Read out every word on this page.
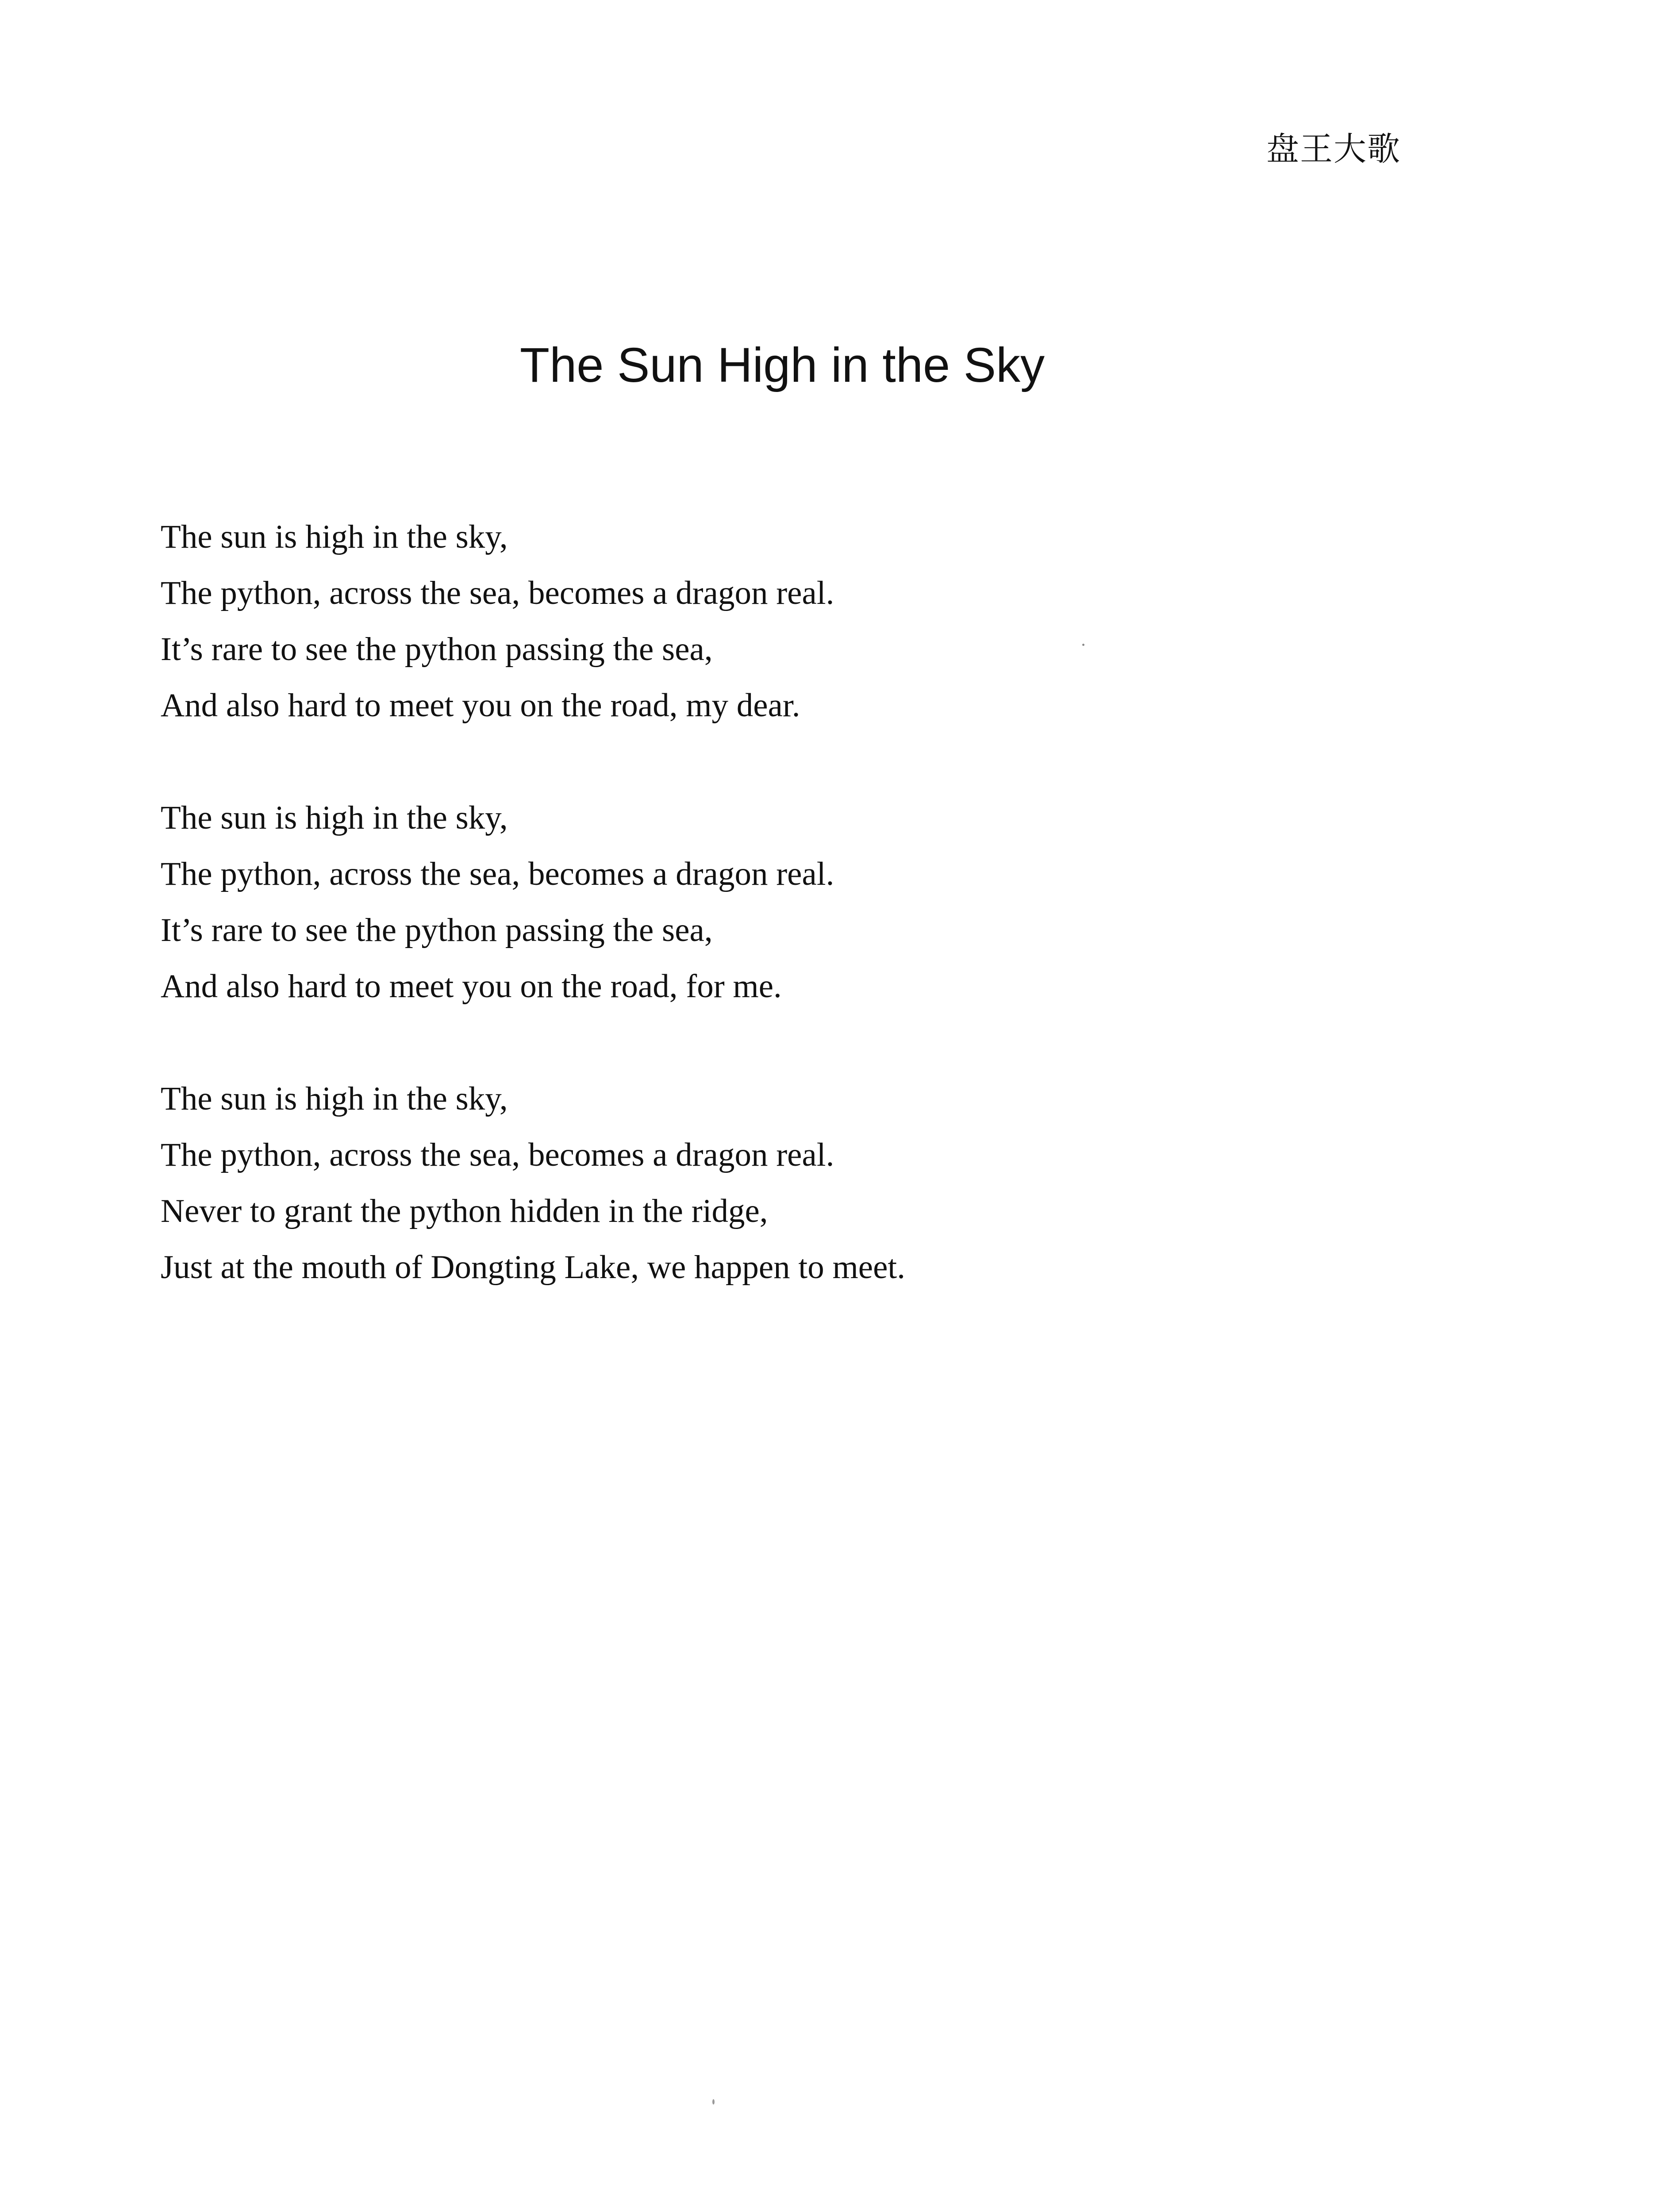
盘王大歌
The Sun High in the Sky
The sun is high in the sky,
The python, across the sea, becomes a dragon real.
It’s rare to see the python passing the sea,
And also hard to meet you on the road, my dear.
The sun is high in the sky,
The python, across the sea, becomes a dragon real.
It’s rare to see the python passing the sea,
And also hard to meet you on the road, for me.
The sun is high in the sky,
The python, across the sea, becomes a dragon real.
Never to grant the python hidden in the ridge,
Just at the mouth of Dongting Lake, we happen to meet.
